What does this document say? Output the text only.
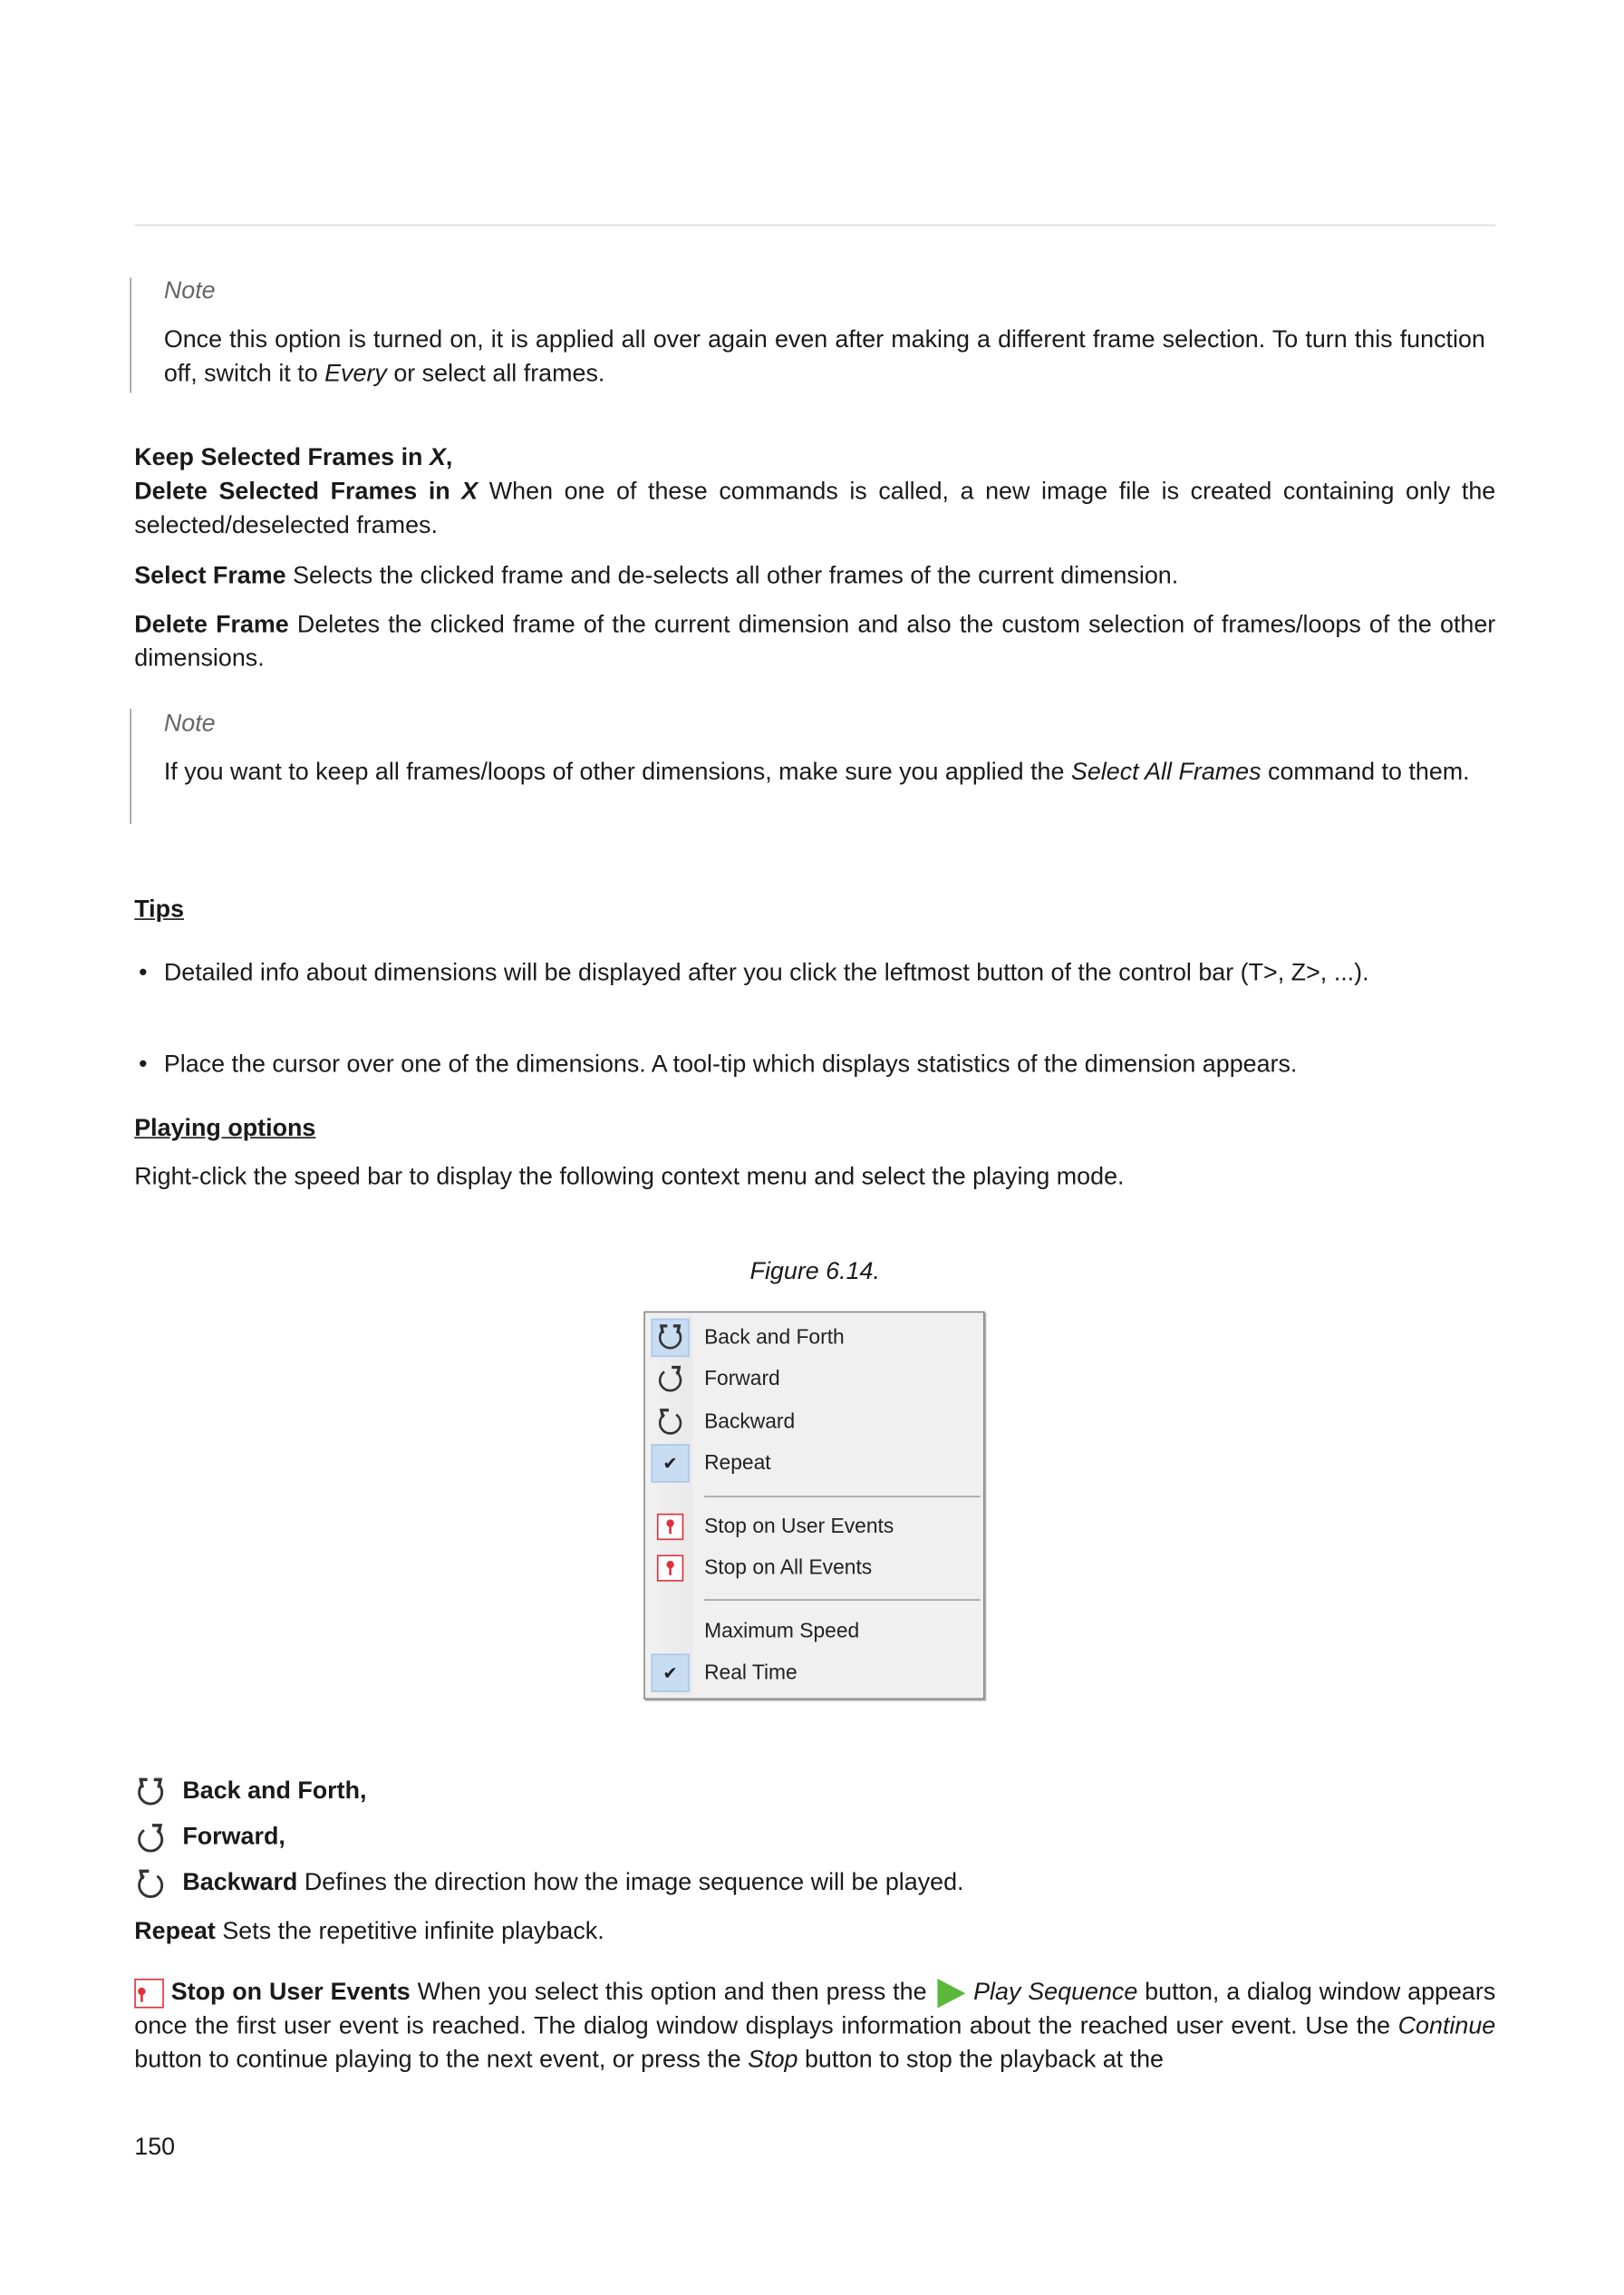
Note
Once this option is turned on, it is applied all over again even after making a different frame selection. To turn this function off, switch it to Every or select all frames.
Keep Selected Frames in X,
Delete Selected Frames in X When one of these commands is called, a new image file is created containing only the selected/deselected frames.
Select Frame Selects the clicked frame and de-selects all other frames of the current dimension.
Delete Frame Deletes the clicked frame of the current dimension and also the custom selection of frames/loops of the other dimensions.
Note
If you want to keep all frames/loops of other dimensions, make sure you applied the Select All Frames command to them.
Tips
• Detailed info about dimensions will be displayed after you click the leftmost button of the control bar (T>, Z>, ...).
• Place the cursor over one of the dimensions. A tool-tip which displays statistics of the dimension appears.
Playing options
Right-click the speed bar to display the following context menu and select the playing mode.
Figure 6.14.
Back and Forth
Forward
Backward
✔	Repeat
Stop on User Events
Stop on All Events
Maximum Speed
✔	Real Time
Back and Forth,
Forward,
Backward Defines the direction how the image sequence will be played.
Repeat Sets the repetitive infinite playback.
Stop on User Events When you select this option and then press the	Play Sequence button, a dialog window appears once the first user event is reached. The dialog window displays information about the reached user event. Use the Continue button to continue playing to the next event, or press the Stop button to stop the playback at the
150
